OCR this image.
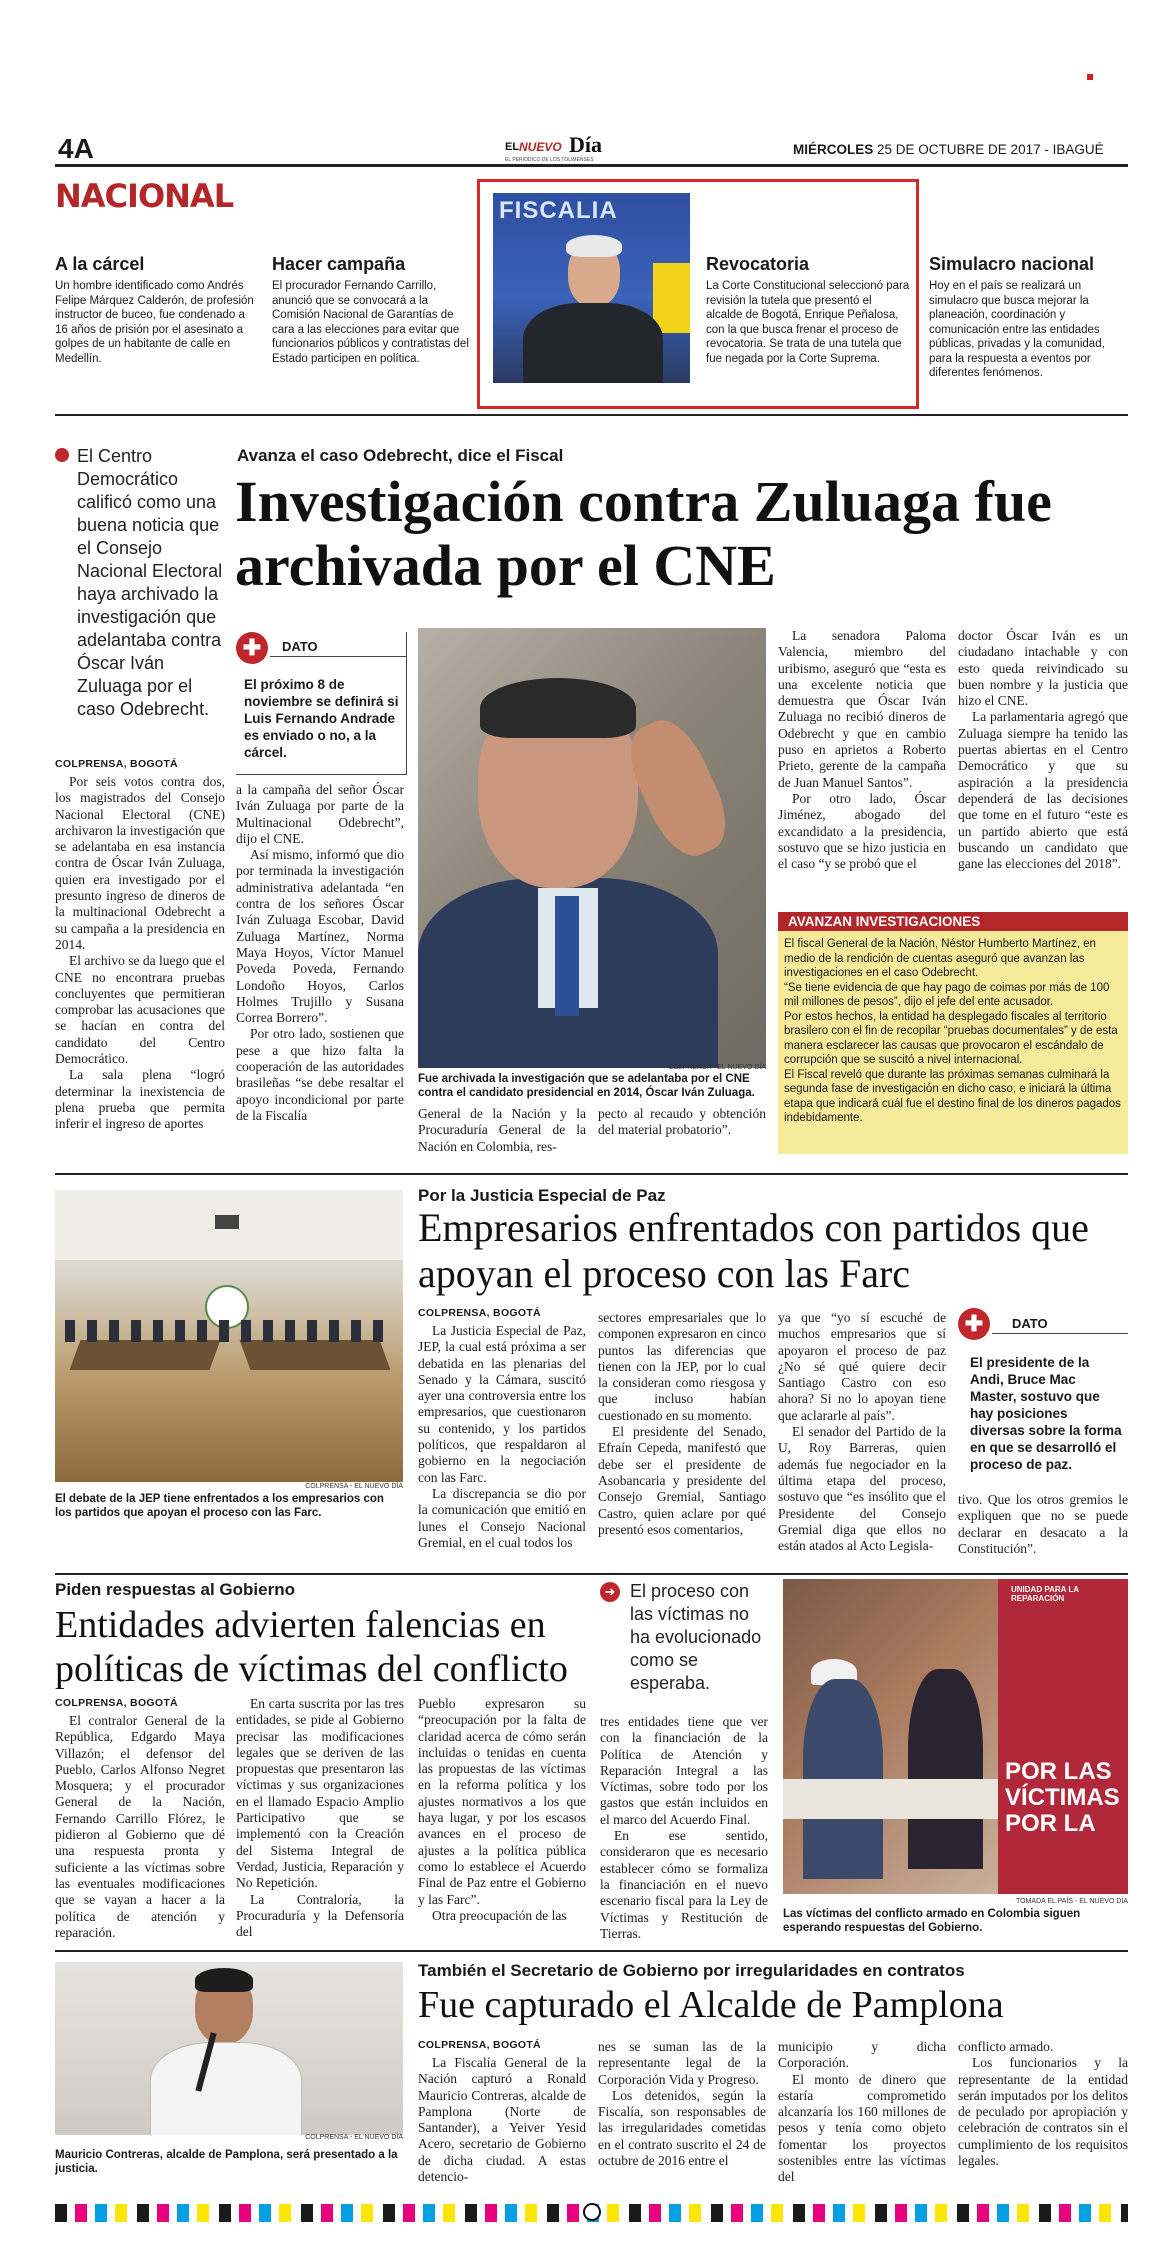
4A	EL NUEVO Día
EL PERIÓDICO DE LOS TOLIMENSES
MIÉRCOLES 25 DE OCTUBRE DE 2017 - IBAGUÉ
NACIONAL
A la cárcel
Un hombre identificado como Andrés Felipe Márquez Calderón, de profesión instructor de buceo, fue condenado a 16 años de prisión por el asesinato a golpes de un habitante de calle en Medellín.
Hacer campaña
El procurador Fernando Carrillo, anunció que se convocará a la Comisión Nacional de Garantías de cara a las elecciones para evitar que funcionarios públicos y contratistas del Estado participen en política.
FISCALIA
Revocatoria
La Corte Constitucional seleccionó para revisión la tutela que presentó el alcalde de Bogotá, Enrique Peñalosa, con la que busca frenar el proceso de revocatoria. Se trata de una tutela que fue negada por la Corte Suprema.
Simulacro nacional
Hoy en el país se realizará un simulacro que busca mejorar la planeación, coordinación y comunicación entre las entidades públicas, privadas y la comunidad, para la respuesta a eventos por diferentes fenómenos.
El Centro Democrático calificó como una buena noticia que el Consejo Nacional Electoral haya archivado la investigación que adelantaba contra Óscar Iván Zuluaga por el caso Odebrecht.
Avanza el caso Odebrecht, dice el Fiscal
Investigación contra Zuluaga fue archivada por el CNE
✚	DATO
El próximo 8 de noviembre se definirá si Luis Fernando Andrade es enviado o no, a la cárcel.
COLPRENSA, BOGOTÁ

Por seis votos contra dos, los magistrados del Consejo Nacional Electoral (CNE) archivaron la investigación que se adelantaba en esa instancia contra de Óscar Iván Zuluaga, quien era investigado por el presunto ingreso de dineros de la multinacional Odebrecht a su campaña a la presidencia en 2014.

El archivo se da luego que el CNE no encontrara pruebas concluyentes que permitieran comprobar las acusaciones que se hacían en contra del candidato del Centro Democrático.

La sala plena “logró determinar la inexistencia de plena prueba que permita inferir el ingreso de aportes

a la campaña del señor Óscar Iván Zuluaga por parte de la Multinacional Odebrecht”, dijo el CNE.

Así mismo, informó que dio por terminada la investigación administrativa adelantada “en contra de los señores Óscar Iván Zuluaga Escobar, David Zuluaga Martínez, Norma Maya Hoyos, Víctor Manuel Poveda Poveda, Fernando Londoño Hoyos, Carlos Holmes Trujillo y Susana Correa Borrero”.

Por otro lado, sostienen que pese a que hizo falta la cooperación de las autoridades brasileñas “se debe resaltar el apoyo incondicional por parte de la Fiscalía

COLPRENSA - EL NUEVO DÍA
Fue archivada la investigación que se adelantaba por el CNE contra el candidato presidencial en 2014, Óscar Iván Zuluaga.

General de la Nación y la Procuraduría General de la Nación en Colombia, res-

pecto al recaudo y obtención del material probatorio”.

La senadora Paloma Valencia, miembro del uribismo, aseguró que “esta es una excelente noticia que demuestra que Óscar Iván Zuluaga no recibió dineros de Odebrecht y que en cambio puso en aprietos a Roberto Prieto, gerente de la campaña de Juan Manuel Santos”.

Por otro lado, Óscar Jiménez, abogado del excandidato a la presidencia, sostuvo que se hizo justicia en el caso “y se probó que el

doctor Óscar Iván es un ciudadano intachable y con esto queda reivindicado su buen nombre y la justicia que hizo el CNE.

La parlamentaria agregó que Zuluaga siempre ha tenido las puertas abiertas en el Centro Democrático y que su aspiración a la presidencia dependerá de las decisiones que tome en el futuro “este es un partido abierto que está buscando un candidato que gane las elecciones del 2018”.

AVANZAN INVESTIGACIONES
El fiscal General de la Nación, Néstor Humberto Martínez, en medio de la rendición de cuentas aseguró que avanzan las investigaciones en el caso Odebrecht.
“Se tiene evidencia de que hay pago de coimas por más de 100 mil millones de pesos”, dijo el jefe del ente acusador.
Por estos hechos, la entidad ha desplegado fiscales al territorio brasilero con el fin de recopilar “pruebas documentales” y de esta manera esclarecer las causas que provocaron el escándalo de corrupción que se suscitó a nivel internacional.
El Fiscal reveló que durante las próximas semanas culminará la segunda fase de investigación en dicho caso, e iniciará la última etapa que indicará cuál fue el destino final de los dineros pagados indebidamente.
COLPRENSA - EL NUEVO DÍA
El debate de la JEP tiene enfrentados a los empresarios con los partidos que apoyan el proceso con las Farc.
Por la Justicia Especial de Paz
Empresarios enfrentados con partidos que apoyan el proceso con las Farc
COLPRENSA, BOGOTÁ

La Justicia Especial de Paz, JEP, la cual está próxima a ser debatida en las plenarias del Senado y la Cámara, suscitó ayer una controversia entre los empresarios, que cuestionaron su contenido, y los partidos políticos, que respaldaron al gobierno en la negociación con las Farc.

La discrepancia se dio por la comunicación que emitió en lunes el Consejo Nacional Gremial, en el cual todos los

sectores empresariales que lo componen expresaron en cinco puntos las diferencias que tienen con la JEP, por lo cual la consideran como riesgosa y que incluso habían cuestionado en su momento.

El presidente del Senado, Efraín Cepeda, manifestó que debe ser el presidente de Asobancaria y presidente del Consejo Gremial, Santiago Castro, quien aclare por qué presentó esos comentarios,

ya que “yo sí escuché de muchos empresarios que sí apoyaron el proceso de paz ¿No sé qué quiere decir Santiago Castro con eso ahora? Si no lo apoyan tiene que aclararle al país”.

El senador del Partido de la U, Roy Barreras, quien además fue negociador en la última etapa del proceso, sostuvo que “es insólito que el Presidente del Consejo Gremial diga que ellos no están atados al Acto Legisla-

✚	DATO
El presidente de la Andi, Bruce Mac Master, sostuvo que hay posiciones diversas sobre la forma en que se desarrolló el proceso de paz.

tivo. Que los otros gremios le expliquen que no se puede declarar en desacato a la Constitución”.

Piden respuestas al Gobierno
Entidades advierten falencias en políticas de víctimas del conflicto
COLPRENSA, BOGOTÁ

El contralor General de la República, Edgardo Maya Villazón; el defensor del Pueblo, Carlos Alfonso Negret Mosquera; y el procurador General de la Nación, Fernando Carrillo Flórez, le pidieron al Gobierno que dé una respuesta pronta y suficiente a las víctimas sobre las eventuales modificaciones que se vayan a hacer a la política de atención y reparación.

En carta suscrita por las tres entidades, se pide al Gobierno precisar las modificaciones legales que se deriven de las propuestas que presentaron las víctimas y sus organizaciones en el llamado Espacio Amplio Participativo que se implementó con la Creación del Sistema Integral de Verdad, Justicia, Reparación y No Repetición.

La Contraloría, la Procuraduría y la Defensoría del

Pueblo expresaron su “preocupación por la falta de claridad acerca de cómo serán incluidas o tenidas en cuenta las propuestas de las víctimas en la reforma política y los ajustes normativos a los que haya lugar, y por los escasos avances en el proceso de ajustes a la política pública como lo establece el Acuerdo Final de Paz entre el Gobierno y las Farc”.

Otra preocupación de las

➜ El proceso con las víctimas no ha evolucionado como se esperaba.

tres entidades tiene que ver con la financiación de la Política de Atención y Reparación Integral a las Víctimas, sobre todo por los gastos que están incluidos en el marco del Acuerdo Final.

En ese sentido, consideraron que es necesario establecer cómo se formaliza la financiación en el nuevo escenario fiscal para la Ley de Víctimas y Restitución de Tierras.

UNIDAD PARA LA REPARACIÓN
POR LAS VÍCTIMAS POR LA
TOMADA EL PAÍS - EL NUEVO DÍA
Las víctimas del conflicto armado en Colombia siguen esperando respuestas del Gobierno.
COLPRENSA - EL NUEVO DÍA
Mauricio Contreras, alcalde de Pamplona, será presentado a la justicia.
También el Secretario de Gobierno por irregularidades en contratos
Fue capturado el Alcalde de Pamplona
COLPRENSA, BOGOTÁ

La Fiscalía General de la Nación capturó a Ronald Mauricio Contreras, alcalde de Pamplona (Norte de Santander), a Yeiver Yesid Acero, secretario de Gobierno de dicha ciudad. A estas detencio-

nes se suman las de la representante legal de la Corporación Vida y Progreso.

Los detenidos, según la Fiscalía, son responsables de las irregularidades cometidas en el contrato suscrito el 24 de octubre de 2016 entre el

municipio y dicha Corporación.

El monto de dinero que estaría comprometido alcanzaría los 160 millones de pesos y tenía como objeto fomentar los proyectos sostenibles entre las víctimas del

conflicto armado.

Los funcionarios y la representante de la entidad serán imputados por los delitos de peculado por apropiación y celebración de contratos sin el cumplimiento de los requisitos legales.
